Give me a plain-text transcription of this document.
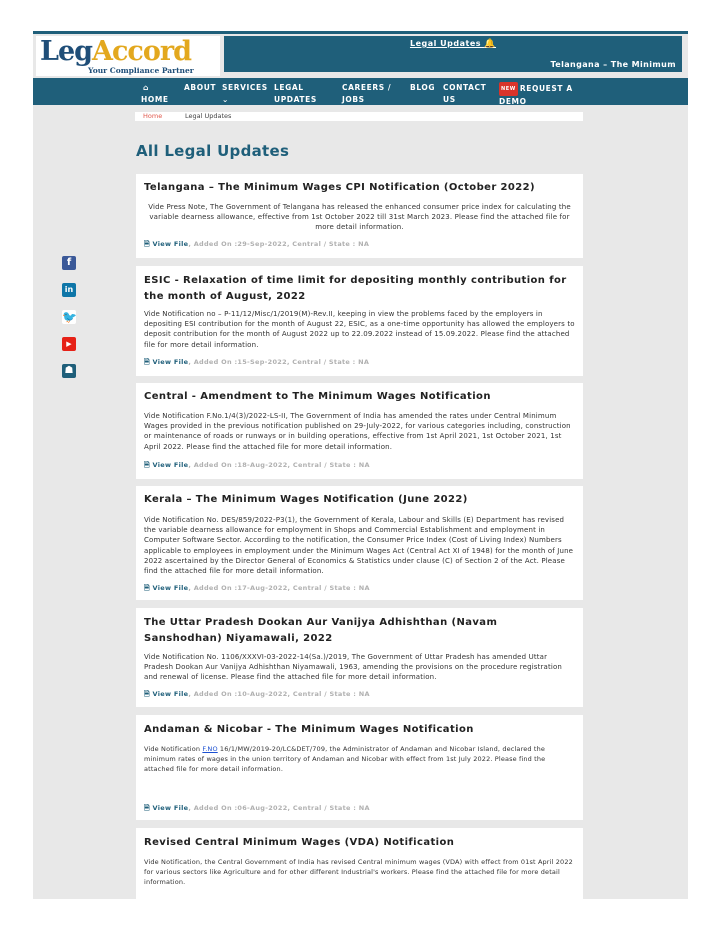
LegAccord
Your Compliance Partner
Legal Updates 🔔
Telangana – The Minimum
⌂
HOME
ABOUT SERVICES
⌄
LEGAL
UPDATES
CAREERS /
JOBS
BLOG CONTACT
US
NEW REQUEST A
DEMO
Home	Legal Updates
All Legal Updates
f
in
🐦
▶
☗
Telangana – The Minimum Wages CPI Notification (October 2022)
Vide Press Note, The Government of Telangana has released the enhanced consumer price index for calculating the variable dearness allowance, effective from 1st October 2022 till 31st March 2023. Please find the attached file for more detail information.
🗎 View File, Added On :29-Sep-2022, Central / State : NA
ESIC - Relaxation of time limit for depositing monthly contribution for the month of August, 2022
Vide Notification no – P-11/12/Misc/1/2019(M)-Rev.II, keeping in view the problems faced by the employers in depositing ESI contribution for the month of August 22, ESIC, as a one-time opportunity has allowed the employers to deposit contribution for the month of August 2022 up to 22.09.2022 instead of 15.09.2022. Please find the attached file for more detail information.
🗎 View File, Added On :15-Sep-2022, Central / State : NA
Central - Amendment to The Minimum Wages Notification
Vide Notification F.No.1/4(3)/2022-LS-II, The Government of India has amended the rates under Central Minimum Wages provided in the previous notification published on 29-July-2022, for various categories including, construction or maintenance of roads or runways or in building operations, effective from 1st April 2021, 1st October 2021, 1st April 2022. Please find the attached file for more detail information.
🗎 View File, Added On :18-Aug-2022, Central / State : NA
Kerala – The Minimum Wages Notification (June 2022)
Vide Notification No. DES/859/2022-P3(1), the Government of Kerala, Labour and Skills (E) Department has revised the variable dearness allowance for employment in Shops and Commercial Establishment and employment in Computer Software Sector. According to the notification, the Consumer Price Index (Cost of Living Index) Numbers applicable to employees in employment under the Minimum Wages Act (Central Act XI of 1948) for the month of June 2022 ascertained by the Director General of Economics & Statistics under clause (C) of Section 2 of the Act. Please find the attached file for more detail information.
🗎 View File, Added On :17-Aug-2022, Central / State : NA
The Uttar Pradesh Dookan Aur Vanijya Adhishthan (Navam Sanshodhan) Niyamawali, 2022
Vide Notification No. 1106/XXXVI-03-2022-14(Sa.)/2019, The Government of Uttar Pradesh has amended Uttar Pradesh Dookan Aur Vanijya Adhishthan Niyamawali, 1963, amending the provisions on the procedure registration and renewal of license. Please find the attached file for more detail information.
🗎 View File, Added On :10-Aug-2022, Central / State : NA
Andaman & Nicobar - The Minimum Wages Notification
Vide Notification F.NO 16/1/MW/2019-20/LC&DET/709, the Administrator of Andaman and Nicobar Island, declared the minimum rates of wages in the union territory of Andaman and Nicobar with effect from 1st July 2022. Please find the attached file for more detail information.
🗎 View File, Added On :06-Aug-2022, Central / State : NA
Revised Central Minimum Wages (VDA) Notification
Vide Notification, the Central Government of India has revised Central minimum wages (VDA) with effect from 01st April 2022 for various sectors like Agriculture and for other different Industrial's workers. Please find the attached file for more detail information.
